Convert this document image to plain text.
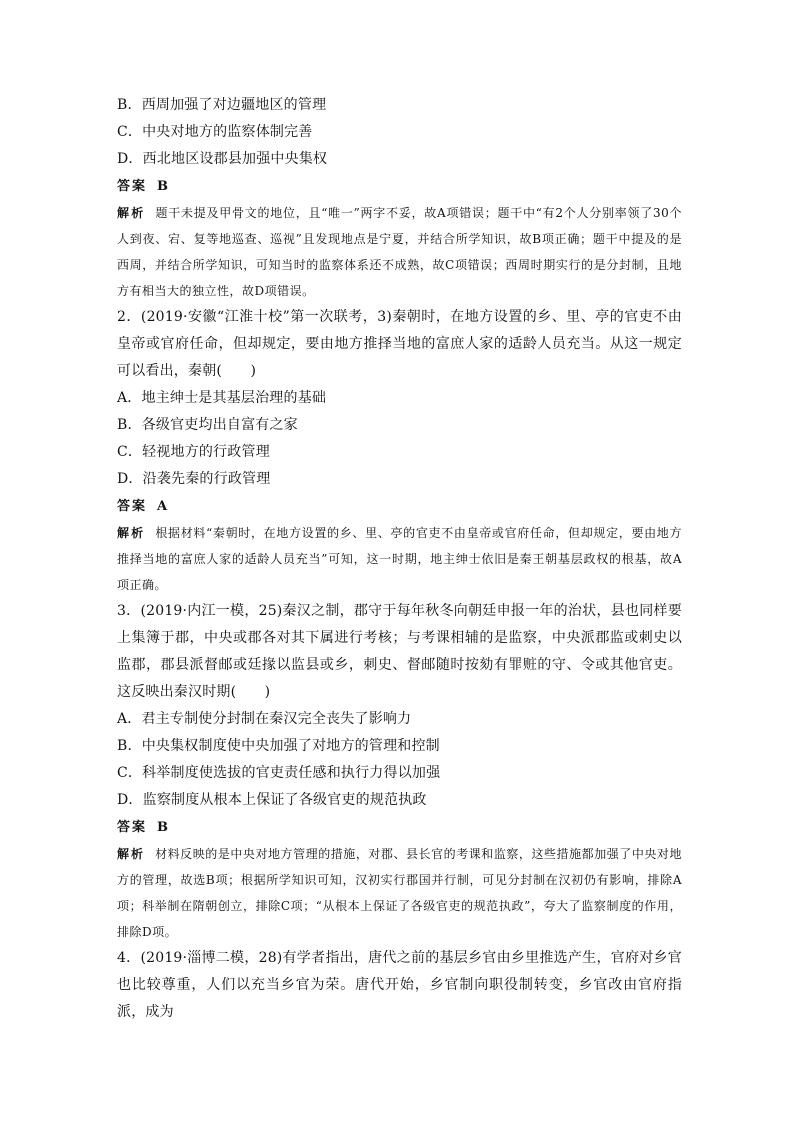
B．西周加强了对边疆地区的管理
C．中央对地方的监察体制完善
D．西北地区设郡县加强中央集权
答案 B
解析 题干未提及甲骨文的地位，且“唯一”两字不妥，故A项错误；题干中“有2个人分别率领了30个人到夜、宕、复等地巡查、巡视”且发现地点是宁夏，并结合所学知识，故B项正确；题干中提及的是西周，并结合所学知识，可知当时的监察体系还不成熟，故C项错误；西周时期实行的是分封制，且地方有相当大的独立性，故D项错误。
2．(2019·安徽“江淮十校”第一次联考，3)秦朝时，在地方设置的乡、里、亭的官吏不由皇帝或官府任命，但却规定，要由地方推择当地的富庶人家的适龄人员充当。从这一规定可以看出，秦朝(　　)
A．地主绅士是其基层治理的基础
B．各级官吏均出自富有之家
C．轻视地方的行政管理
D．沿袭先秦的行政管理
答案 A
解析 根据材料“秦朝时，在地方设置的乡、里、亭的官吏不由皇帝或官府任命，但却规定，要由地方推择当地的富庶人家的适龄人员充当”可知，这一时期，地主绅士依旧是秦王朝基层政权的根基，故A项正确。
3．(2019·内江一模，25)秦汉之制，郡守于每年秋冬向朝廷申报一年的治状，县也同样要上集簿于郡，中央或郡各对其下属进行考核；与考课相辅的是监察，中央派郡监或刺史以监郡，郡县派督邮或廷掾以监县或乡，刺史、督邮随时按劾有罪赃的守、令或其他官吏。这反映出秦汉时期(　　)
A．君主专制使分封制在秦汉完全丧失了影响力
B．中央集权制度使中央加强了对地方的管理和控制
C．科举制度使选拔的官吏责任感和执行力得以加强
D．监察制度从根本上保证了各级官吏的规范执政
答案 B
解析 材料反映的是中央对地方管理的措施，对郡、县长官的考课和监察，这些措施都加强了中央对地方的管理，故选B项；根据所学知识可知，汉初实行郡国并行制，可见分封制在汉初仍有影响，排除A项；科举制在隋朝创立，排除C项；“从根本上保证了各级官吏的规范执政”，夸大了监察制度的作用，排除D项。
4．(2019·淄博二模，28)有学者指出，唐代之前的基层乡官由乡里推选产生，官府对乡官也比较尊重，人们以充当乡官为荣。唐代开始，乡官制向职役制转变，乡官改由官府指派，成为
